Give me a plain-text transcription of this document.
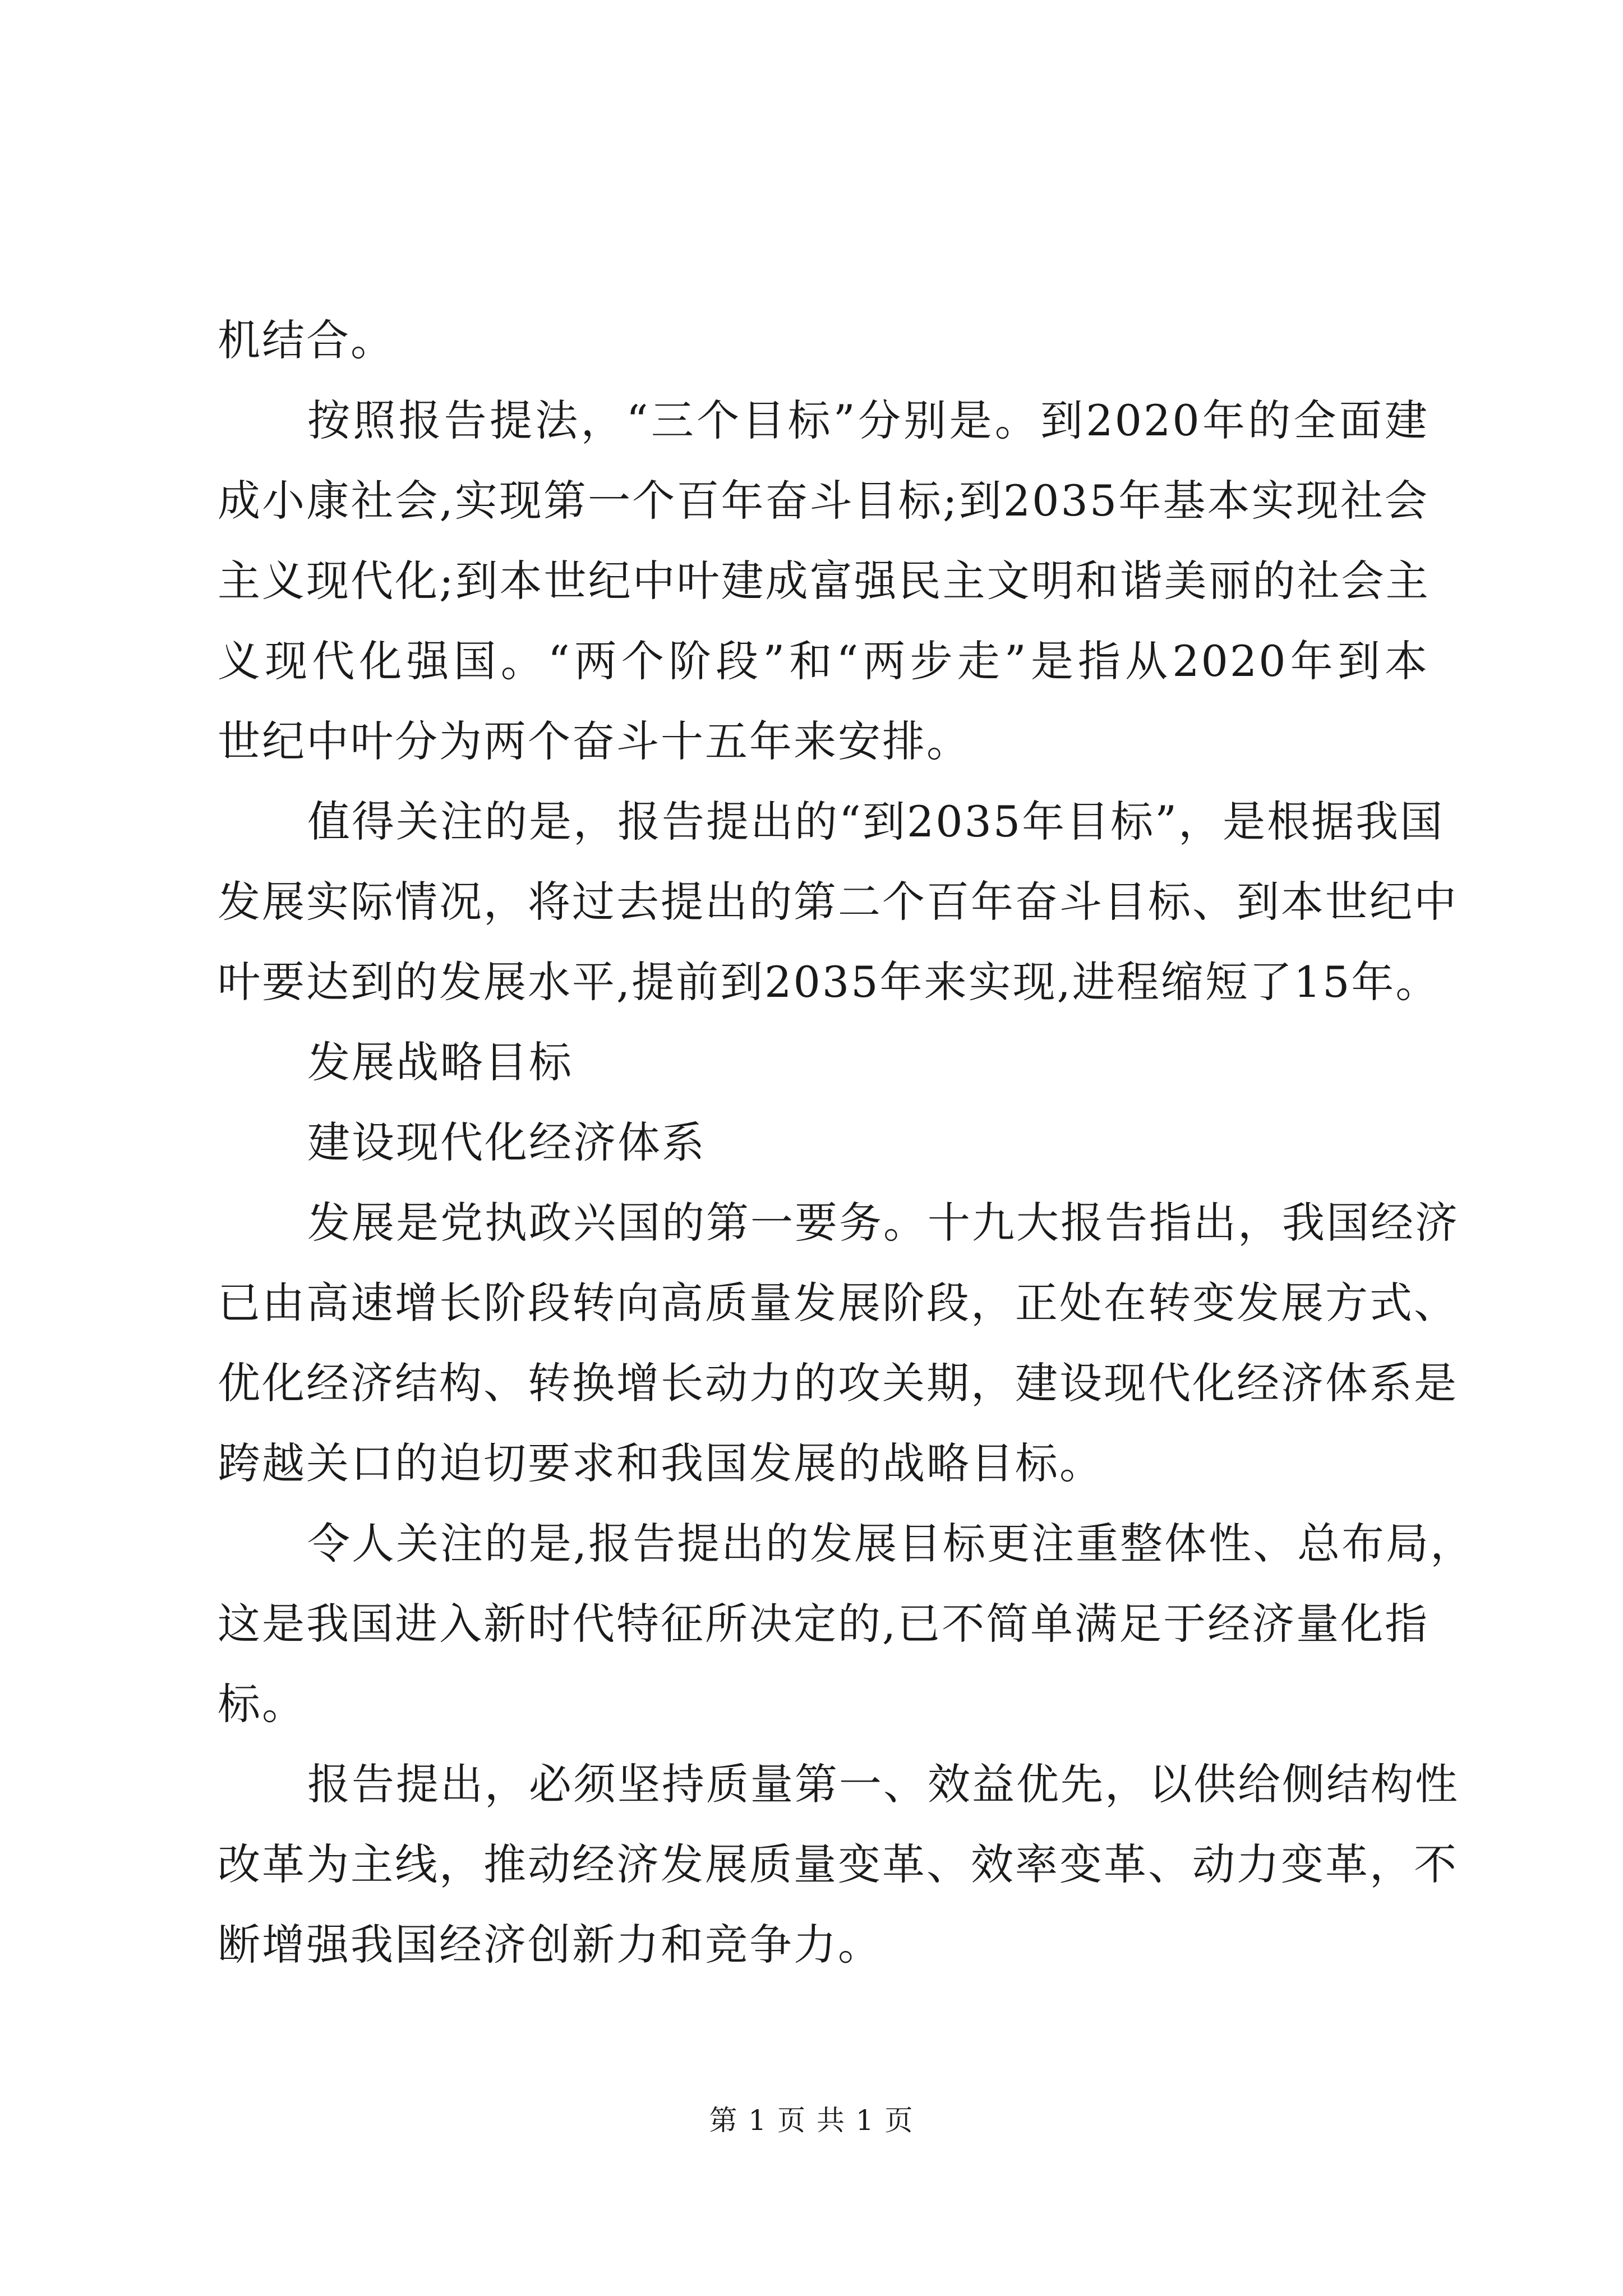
机结合。
按照报告提法，“三个目标”分别是。到2020年的全面建
成小康社会,实现第一个百年奋斗目标;到2035年基本实现社会
主义现代化;到本世纪中叶建成富强民主文明和谐美丽的社会主
义现代化强国。“两个阶段”和“两步走”是指从2020年到本
世纪中叶分为两个奋斗十五年来安排。
值得关注的是，报告提出的“到2035年目标”，是根据我国
发展实际情况，将过去提出的第二个百年奋斗目标、到本世纪中
叶要达到的发展水平,提前到2035年来实现,进程缩短了15年。
发展战略目标
建设现代化经济体系
发展是党执政兴国的第一要务。十九大报告指出，我国经济
已由高速增长阶段转向高质量发展阶段，正处在转变发展方式、
优化经济结构、转换增长动力的攻关期，建设现代化经济体系是
跨越关口的迫切要求和我国发展的战略目标。
令人关注的是,报告提出的发展目标更注重整体性、总布局，
这是我国进入新时代特征所决定的,已不简单满足于经济量化指
标。
报告提出，必须坚持质量第一、效益优先，以供给侧结构性
改革为主线，推动经济发展质量变革、效率变革、动力变革，不
断增强我国经济创新力和竞争力。
第 1 页 共 1 页
